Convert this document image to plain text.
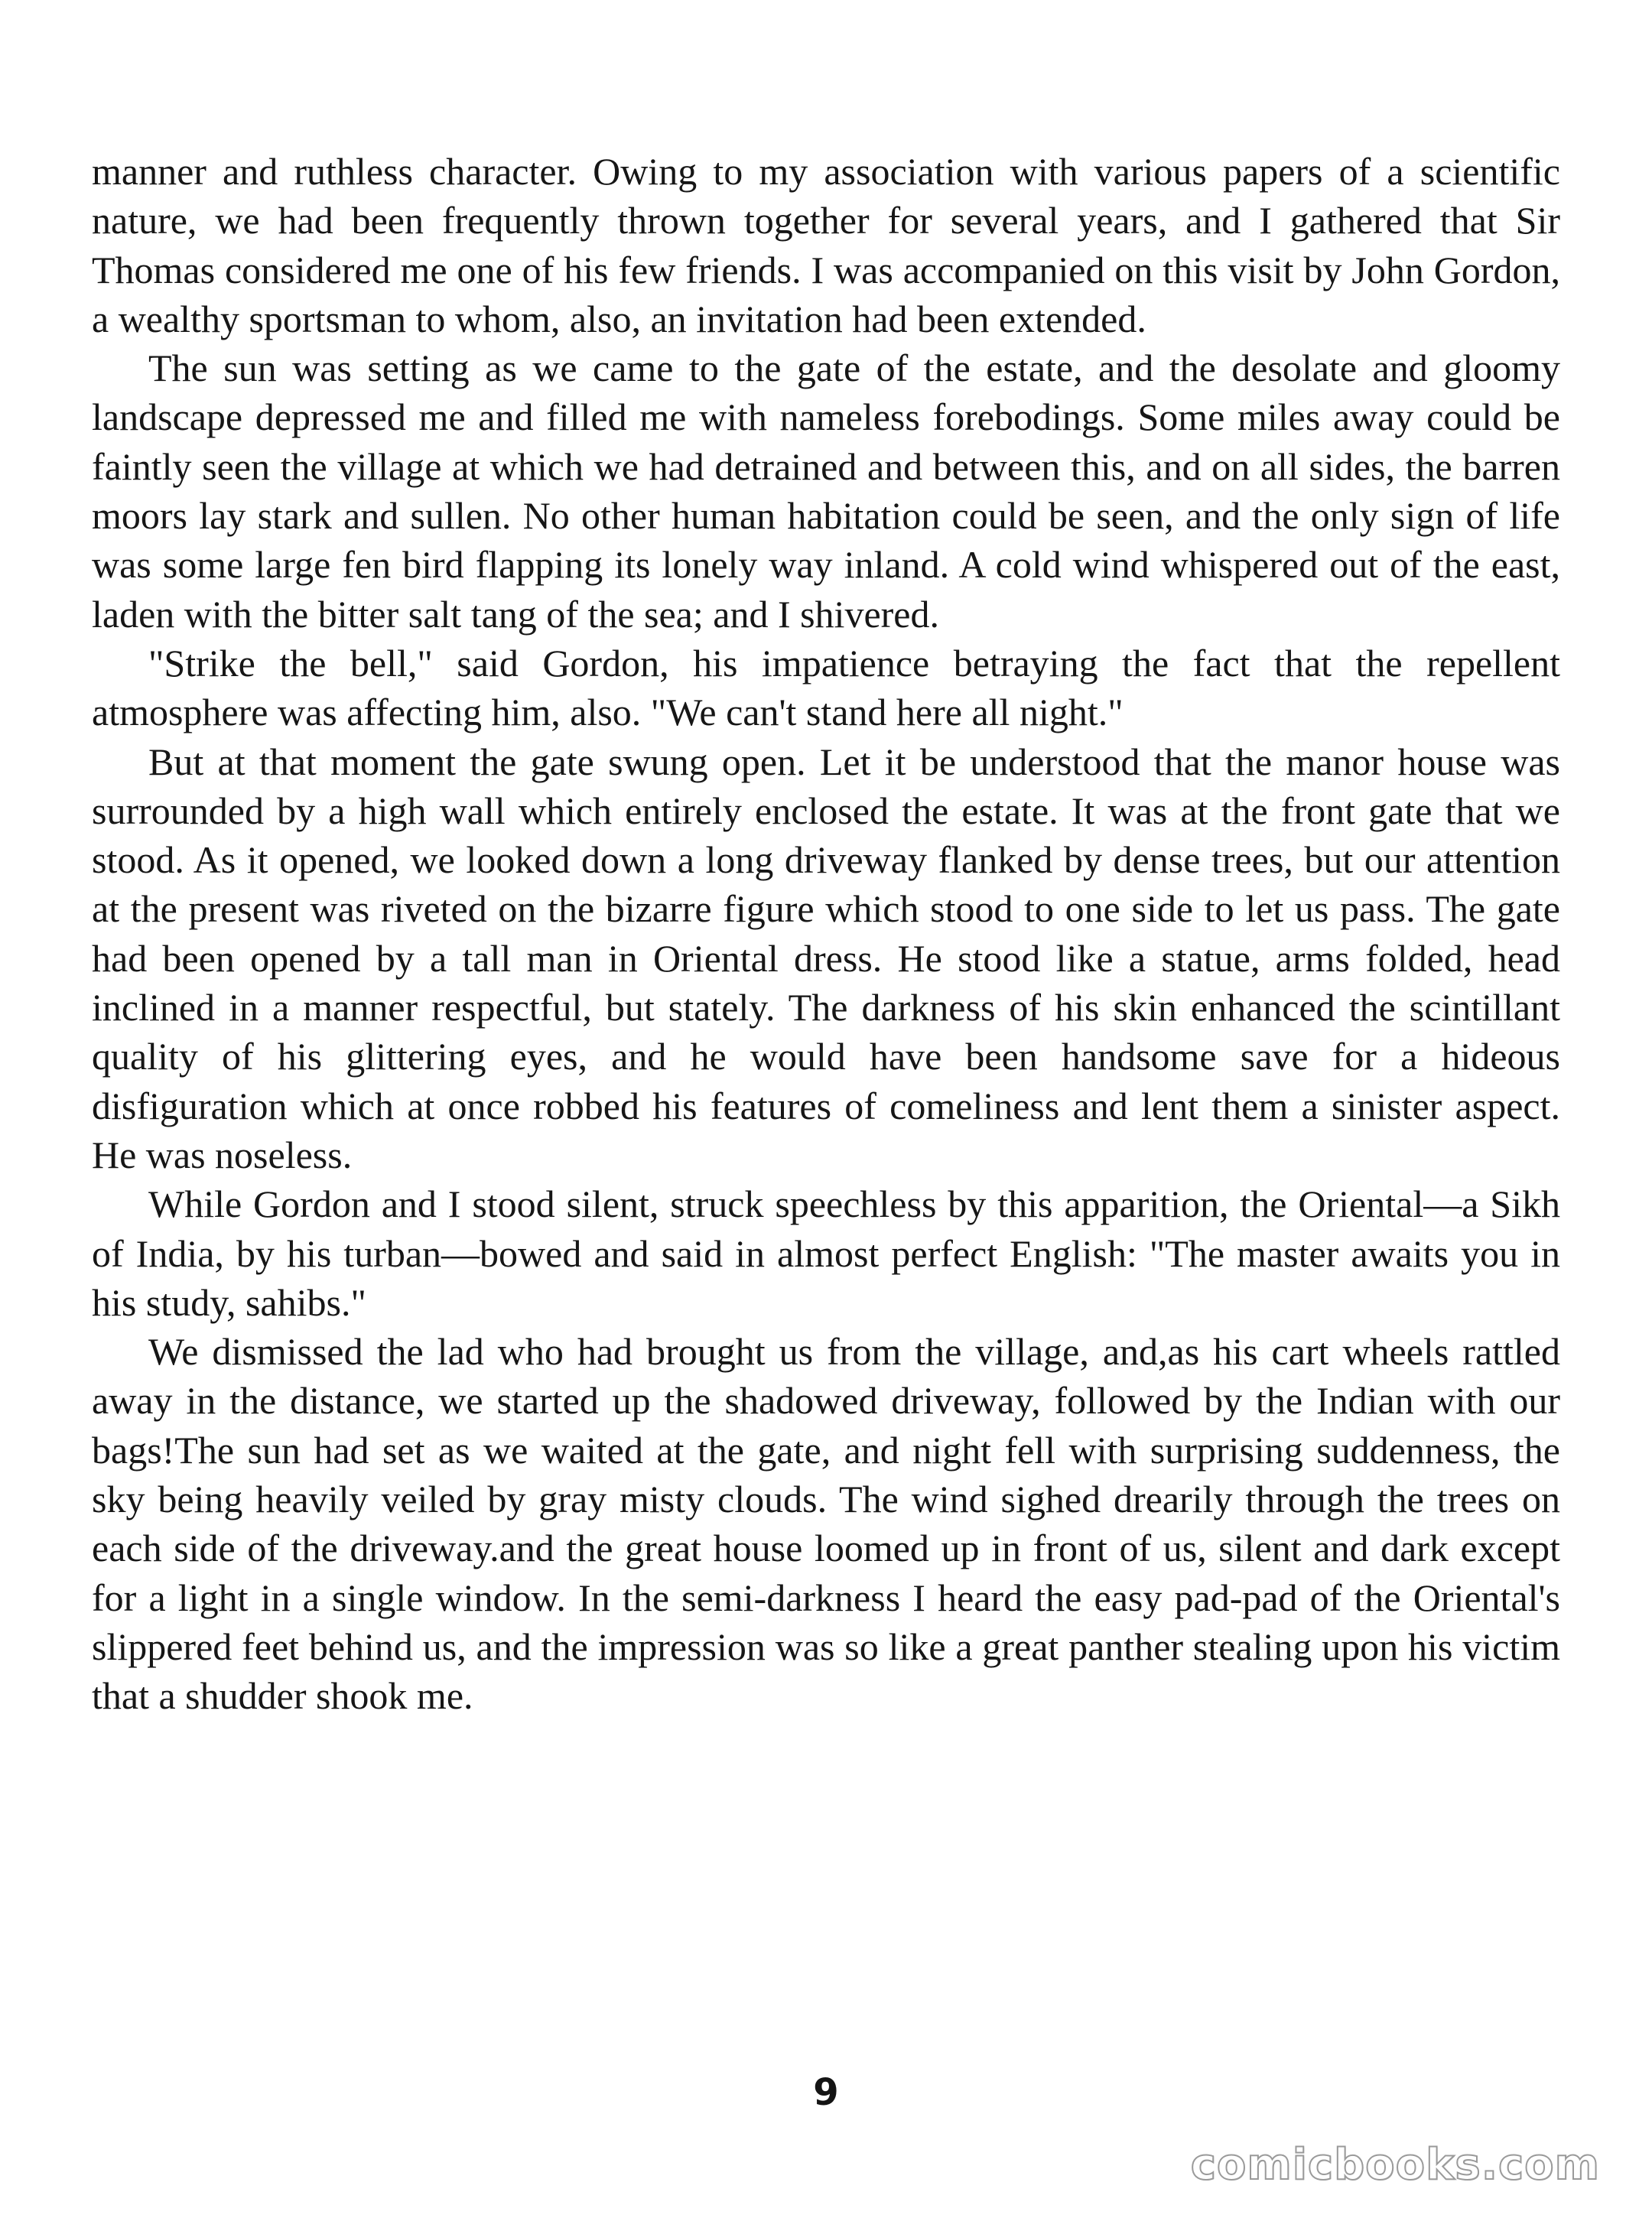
manner and ruthless character. Owing to my association with various papers of a scientific nature, we had been frequently thrown together for several years, and I gathered that Sir Thomas considered me one of his few friends. I was accompanied on this visit by John Gordon, a wealthy sportsman to whom, also, an invitation had been extended.

The sun was setting as we came to the gate of the estate, and the desolate and gloomy landscape depressed me and filled me with nameless forebodings. Some miles away could be faintly seen the village at which we had detrained and between this, and on all sides, the barren moors lay stark and sullen. No other human habitation could be seen, and the only sign of life was some large fen bird flapping its lonely way inland. A cold wind whispered out of the east, laden with the bitter salt tang of the sea; and I shivered.

"Strike the bell," said Gordon, his impatience betraying the fact that the repellent atmosphere was affecting him, also. "We can't stand here all night."

But at that moment the gate swung open. Let it be understood that the manor house was surrounded by a high wall which entirely enclosed the estate. It was at the front gate that we stood. As it opened, we looked down a long driveway flanked by dense trees, but our attention at the present was riveted on the bizarre figure which stood to one side to let us pass. The gate had been opened by a tall man in Oriental dress. He stood like a statue, arms folded, head inclined in a manner respectful, but stately. The darkness of his skin enhanced the scintillant quality of his glittering eyes, and he would have been handsome save for a hideous disfiguration which at once robbed his features of comeliness and lent them a sinister aspect. He was noseless.

While Gordon and I stood silent, struck speechless by this apparition, the Oriental—a Sikh of India, by his turban—bowed and said in almost perfect English: "The master awaits you in his study, sahibs."

We dismissed the lad who had brought us from the village, and,as his cart wheels rattled away in the distance, we started up the shadowed driveway, followed by the Indian with our bags!The sun had set as we waited at the gate, and night fell with surprising suddenness, the sky being heavily veiled by gray misty clouds. The wind sighed drearily through the trees on each side of the driveway.and the great house loomed up in front of us, silent and dark except for a light in a single window. In the semi-darkness I heard the easy pad-pad of the Oriental's slippered feet behind us, and the impression was so like a great panther stealing upon his victim that a shudder shook me.

9
comicbooks.com
